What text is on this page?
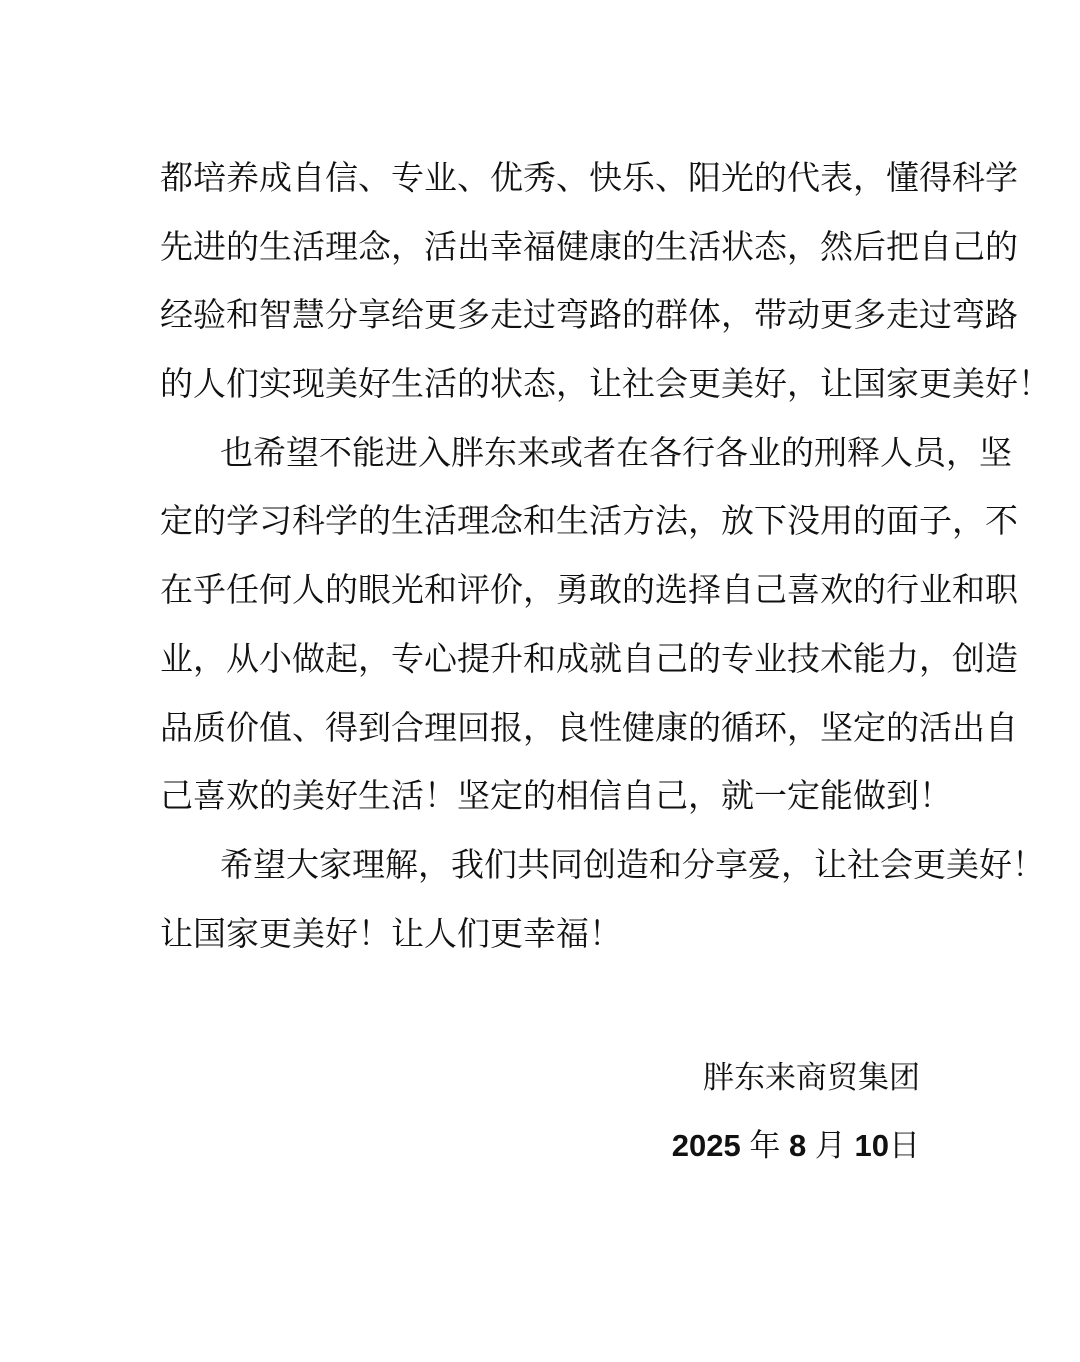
都培养成自信、专业、优秀、快乐、阳光的代表，懂得科学
先进的生活理念，活出幸福健康的生活状态，然后把自己的
经验和智慧分享给更多走过弯路的群体，带动更多走过弯路
的人们实现美好生活的状态，让社会更美好，让国家更美好！
也希望不能进入胖东来或者在各行各业的刑释人员，坚
定的学习科学的生活理念和生活方法，放下没用的面子，不
在乎任何人的眼光和评价，勇敢的选择自己喜欢的行业和职
业，从小做起，专心提升和成就自己的专业技术能力，创造
品质价值、得到合理回报，良性健康的循环，坚定的活出自
己喜欢的美好生活！坚定的相信自己，就一定能做到！
希望大家理解，我们共同创造和分享爱，让社会更美好！
让国家更美好！让人们更幸福！
胖东来商贸集团
2025 年 8 月 10日
